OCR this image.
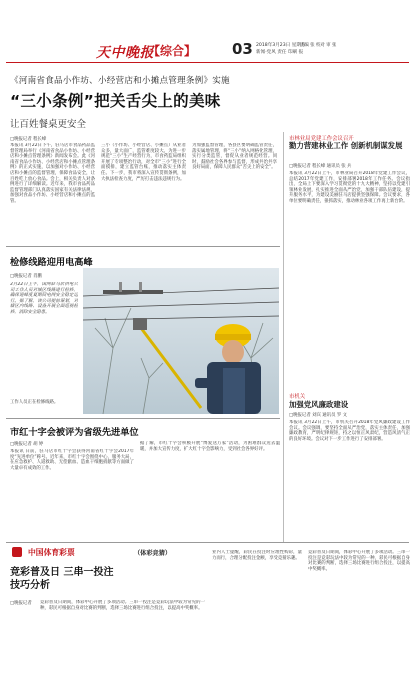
天中晚报
【综合】 03 2018年3月23日 星期五
新闻·党风 责任 印刷 报
责编 张 校对 审 张
《河南省食品小作坊、小经营店和小摊点管理条例》实施
“三小条例”把关舌尖上的美味
让百姓餐桌更安全
□晚报记者 程长峰
本报讯 3月22日下午，驻马店市食品药品监督管理局举行《河南省食品小作坊、小经营店和小摊点管理条例》新闻发布会。此《河南省食品小作坊、小经营店和小摊点管理条例》的正式实施，以加强对小作坊、小经营店和小摊点的监督管理，保障食品安全，让百姓吃上放心食品。会上，相关负责人对条例进行了详细解读。近年来，我市食品药品监督管理部门认真落实国家有关法律法规，加强对食品小作坊、小经营店和小摊点的监管。
三小（小作坊、小经营店、小摊点）从业者众多，量大面广，监管难度较大。为进一步规范“三小”生产经营行为，市食药监局组织开展了专项整治行动，对全市“三小”进行全面摸排，建立监管台账，推动落实主体责任。下一步，我市将深入宣传贯彻条例，加大执法检查力度，严厉打击违法违规行为。
为加强监督管理，各县区要明确监管责任，落实属地管理，将“三小”纳入网格化管理，实行分类监管，督促从业者规范经营。同时，鼓励社会各界参与监督，形成共治共享良好局面，保障人民群众“舌尖上的安全”。
市林业局党建工作会议召开
勠力营建林业工作 创新机制谋发展
□晚报记者 程长峰 通讯员 张 兵
本报讯 3月22日上午，市林业局召开2018年党建工作会议，总结2017年党建工作，安排部署2018年工作任务。会议指出，全局上下要深入学习贯彻党的十九大精神，坚持以党建引领林业发展，扎实推进全面从严治党，加强干部队伍建设，提升服务水平，为建设美丽驻马店提供坚强保障。会议要求，各单位要明确责任，狠抓落实，推动林业各项工作再上新台阶。
市机关
加强党风廉政建设
□晚报记者 刘宾 通讯员 罗 文
本报讯 3月22日上午，市机关召开2018年党风廉政建设工作会议。会议强调，要坚持全面从严治党，落实主体责任，加强廉政教育，严明纪律规矩，持之以恒正风肃纪，营造风清气正的良好环境。会议对下一步工作进行了安排部署。
检修线路迎用电高峰
□晚报记者 肖鹏
3月22日上午，国网驻马店供电公司工作人员对城区线路进行检修，确保迎峰度夏期间电网安全稳定运行。据了解，该公司提前谋划，对辖区内线路、设备开展全面巡视检修，消除安全隐患。
工作人员正在检修线路。
市红十字会被评为省级先进单位
□晚报记者 胡 婷
本报讯 日前，驻马店市红十字会获得河南省红十字会2017年度“先进单位”称号。近年来，市红十字会围绕中心，服务大局，在应急救护、人道救助、无偿献血、造血干细胞捐献等方面做了大量卓有成效的工作。
据了解，市红十字会积极开展“博爱送万家”活动，为困难群众送去温暖，并加大宣传力度，扩大红十字会影响力，受到社会各界好评。
中国体育彩票	（体彩竞猜）
竞彩普及日 三串一投注技巧分析
□晚报记者 竞彩普及日期间，体彩中心开展了多项活动。三串一投注是竞彩玩法中较为常见的一种，彩民可根据自身对比赛的判断，选择三场比赛进行组合投注，以提高中奖概率。
业内人士提醒，彩民在投注时应理性购彩，量力而行，合理分配投注金额，享受竞猜乐趣。
竞彩普及日期间，体彩中心开展了多项活动。三串一投注是竞彩玩法中较为常见的一种，彩民可根据自身对比赛的判断，选择三场比赛进行组合投注，以提高中奖概率。
